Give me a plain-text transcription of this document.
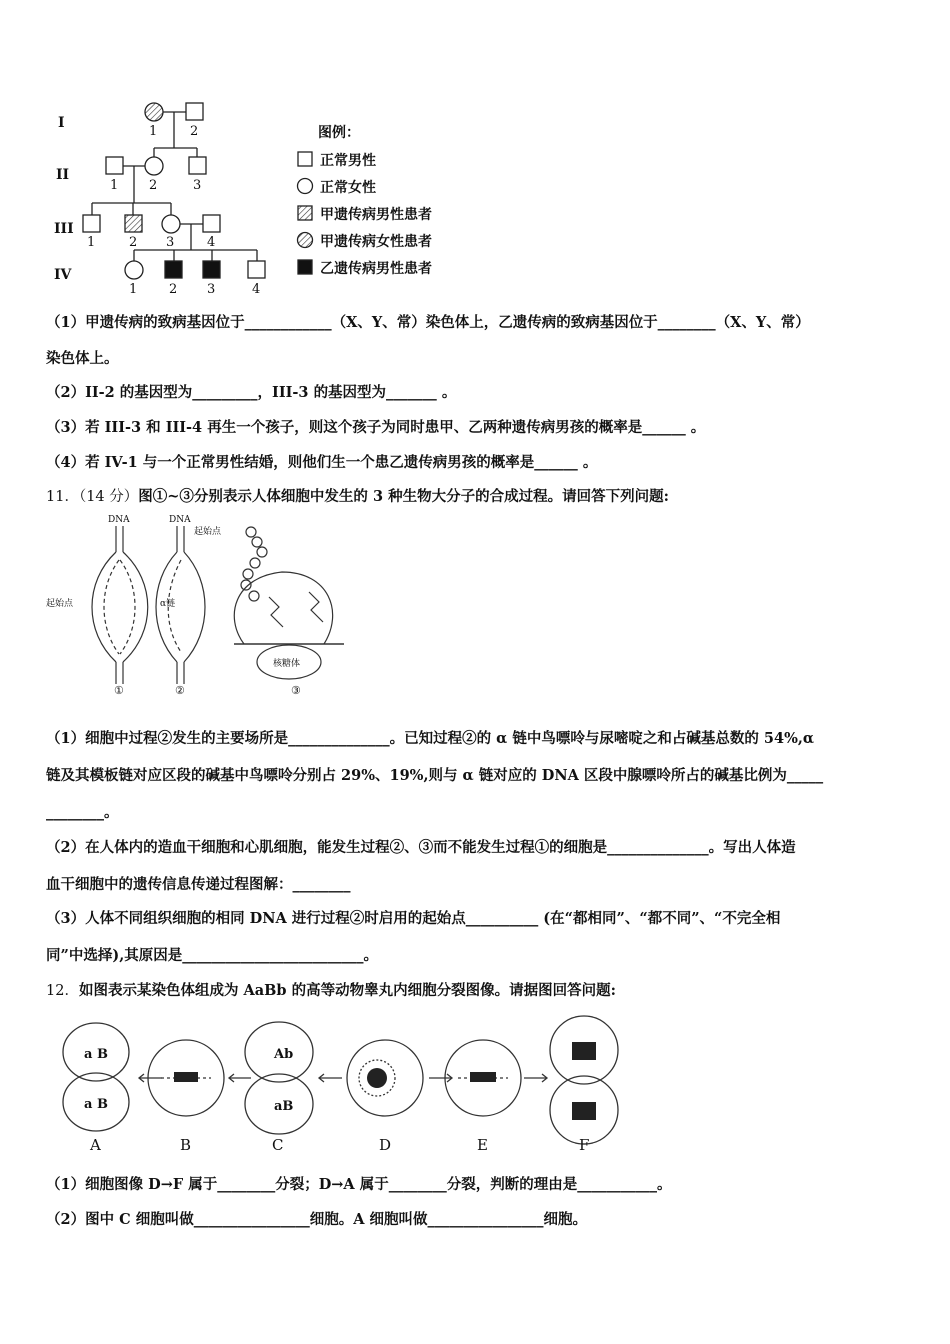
I
II
III
IV
1	2
1 2	3
1	2 3	4
1 2 3	4
图例：
正常男性
正常女性
甲遗传病男性患者
甲遗传病女性患者
乙遗传病男性患者
（1）甲遗传病的致病基因位于____________（X、Y、常）染色体上，乙遗传病的致病基因位于________（X、Y、常）
染色体上。
（2）II-2 的基因型为_________，III-3 的基因型为_______ 。
（3）若 III-3 和 III-4 再生一个孩子，则这个孩子为同时患甲、乙两种遗传病男孩的概率是______ 。
（4）若 IV-1 与一个正常男性结婚，则他们生一个患乙遗传病男孩的概率是______ 。
11．（14 分）图①~③分别表示人体细胞中发生的 3 种生物大分子的合成过程。请回答下列问题:
DNA	DNA
起始点
起始点	α链
核糖体
①	②	③
（1）细胞中过程②发生的主要场所是______________。已知过程②的 α 链中鸟嘌呤与尿嘧啶之和占碱基总数的 54%,α
链及其模板链对应区段的碱基中鸟嘌呤分别占 29%、19%,则与 α 链对应的 DNA 区段中腺嘌呤所占的碱基比例为_____
________。
（2）在人体内的造血干细胞和心肌细胞，能发生过程②、③而不能发生过程①的细胞是______________。写出人体造
血干细胞中的遗传信息传递过程图解：________
（3）人体不同组织细胞的相同 DNA 进行过程②时启用的起始点__________ (在“都相同”、“都不同”、“不完全相
同”中选择),其原因是_________________________。
12．如图表示某染色体组成为 AaBb 的高等动物睾丸内细胞分裂图像。请据图回答问题:
a B
a B
Ab
aB
A	B	C	D	E	F
（1）细胞图像 D→F 属于________分裂；D→A 属于________分裂，判断的理由是___________。
（2）图中 C 细胞叫做________________细胞。A 细胞叫做________________细胞。
